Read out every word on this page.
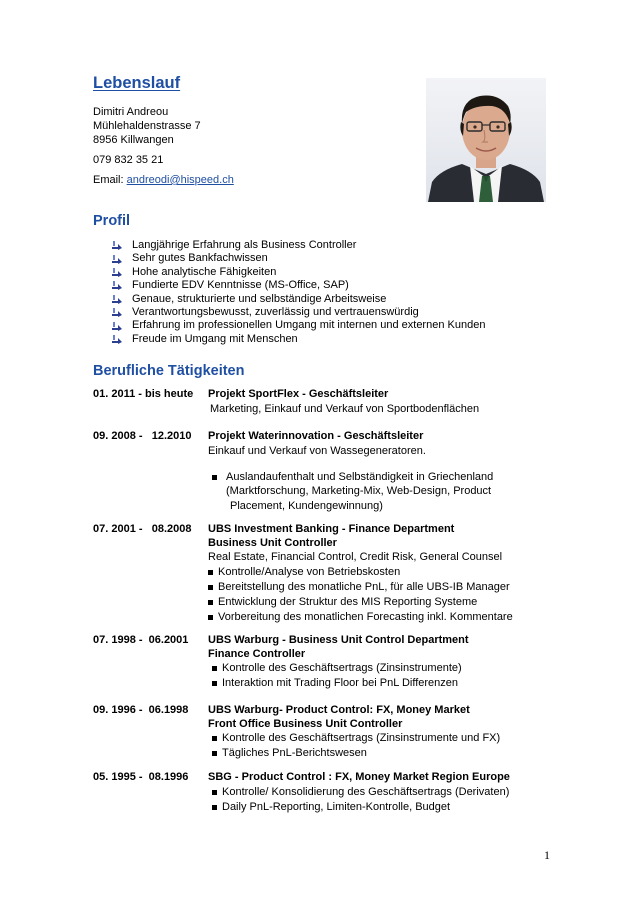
Lebenslauf
Dimitri Andreou
Mühlehaldenstrasse 7
8956 Killwangen
079 832 35 21
Email: andreodi@hispeed.ch
Profil
Langjährige Erfahrung als Business Controller
Sehr gutes Bankfachwissen
Hohe analytische Fähigkeiten
Fundierte EDV Kenntnisse (MS-Office, SAP)
Genaue, strukturierte und selbständige Arbeitsweise
Verantwortungsbewusst, zuverlässig und vertrauenswürdig
Erfahrung im professionellen Umgang mit internen und externen Kunden
Freude im Umgang mit Menschen
Berufliche Tätigkeiten
01. 2011 - bis heute Projekt SportFlex - Geschäftsleiter
Marketing, Einkauf und Verkauf von Sportbodenflächen
09. 2008 -   12.2010 Projekt Waterinnovation - Geschäftsleiter
Einkauf und Verkauf von Wassegeneratoren.
Auslandaufenthalt und Selbständigkeit in Griechenland
(Marktforschung, Marketing-Mix, Web-Design, Product
Placement, Kundengewinnung)
07. 2001 -   08.2008 UBS Investment Banking - Finance Department
Business Unit Controller
Real Estate, Financial Control, Credit Risk, General Counsel
Kontrolle/Analyse von Betriebskosten
Bereitstellung des monatliche PnL, für alle UBS-IB Manager
Entwicklung der Struktur des MIS Reporting Systeme
Vorbereitung des monatlichen Forecasting inkl. Kommentare
07. 1998 -  06.2001 UBS Warburg - Business Unit Control Department
Finance Controller
Kontrolle des Geschäftsertrags (Zinsinstrumente)
Interaktion mit Trading Floor bei PnL Differenzen
09. 1996 -  06.1998 UBS Warburg- Product Control: FX, Money Market
Front Office Business Unit Controller
Kontrolle des Geschäftsertrags (Zinsinstrumente und FX)
Tägliches PnL-Berichtswesen
05. 1995 -  08.1996 SBG - Product Control : FX, Money Market Region Europe
Kontrolle/ Konsolidierung des Geschäftsertrags (Derivaten)
Daily PnL-Reporting, Limiten-Kontrolle, Budget
1
